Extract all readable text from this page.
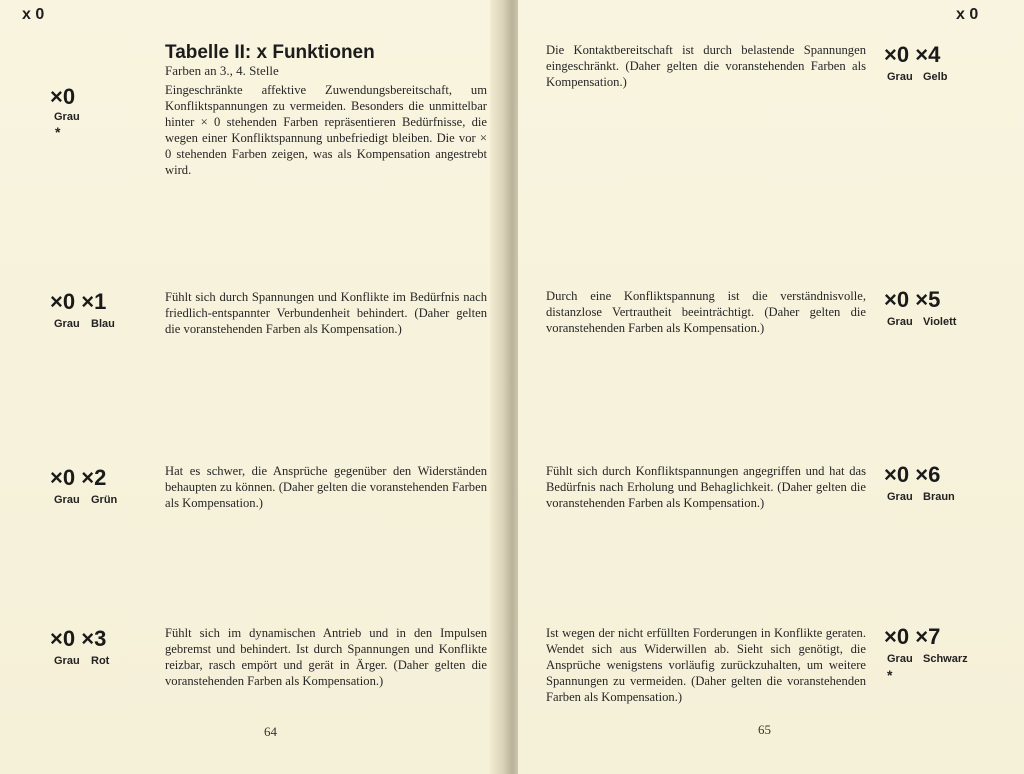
x 0
×0
Grau
*
Tabelle II: x Funktionen
Farben an 3., 4. Stelle
Eingeschränkte affektive Zuwendungsbereitschaft, um Konfliktspannungen zu vermeiden. Besonders die unmittelbar hinter × 0 stehenden Farben repräsentieren Bedürfnisse, die wegen einer Konfliktspannung unbefriedigt bleiben. Die vor × 0 stehenden Farben zeigen, was als Kompensation angestrebt wird.
×0 ×1
Grau Blau
Fühlt sich durch Spannungen und Konflikte im Bedürfnis nach friedlich-entspannter Verbundenheit behindert. (Daher gelten die voranstehenden Farben als Kompensation.)
×0 ×2
Grau Grün
Hat es schwer, die Ansprüche gegenüber den Widerständen behaupten zu können. (Daher gelten die voranstehenden Farben als Kompensation.)
×0 ×3
Grau Rot
Fühlt sich im dynamischen Antrieb und in den Impulsen gebremst und behindert. Ist durch Spannungen und Konflikte reizbar, rasch empört und gerät in Ärger. (Daher gelten die voranstehenden Farben als Kompensation.)
64
x 0
Die Kontaktbereitschaft ist durch belastende Spannungen eingeschränkt. (Daher gelten die voranstehenden Farben als Kompensation.)
×0 ×4
Grau Gelb
Durch eine Konfliktspannung ist die verständnisvolle, distanzlose Vertrautheit beeinträchtigt. (Daher gelten die voranstehenden Farben als Kompensation.)
×0 ×5
Grau Violett
Fühlt sich durch Konfliktspannungen angegriffen und hat das Bedürfnis nach Erholung und Behaglichkeit. (Daher gelten die voranstehenden Farben als Kompensation.)
×0 ×6
Grau Braun
Ist wegen der nicht erfüllten Forderungen in Konflikte geraten. Wendet sich aus Widerwillen ab. Sieht sich genötigt, die Ansprüche wenigstens vorläufig zurückzuhalten, um weitere Spannungen zu vermeiden. (Daher gelten die voranstehenden Farben als Kompensation.)
×0 ×7
Grau Schwarz
*
65
